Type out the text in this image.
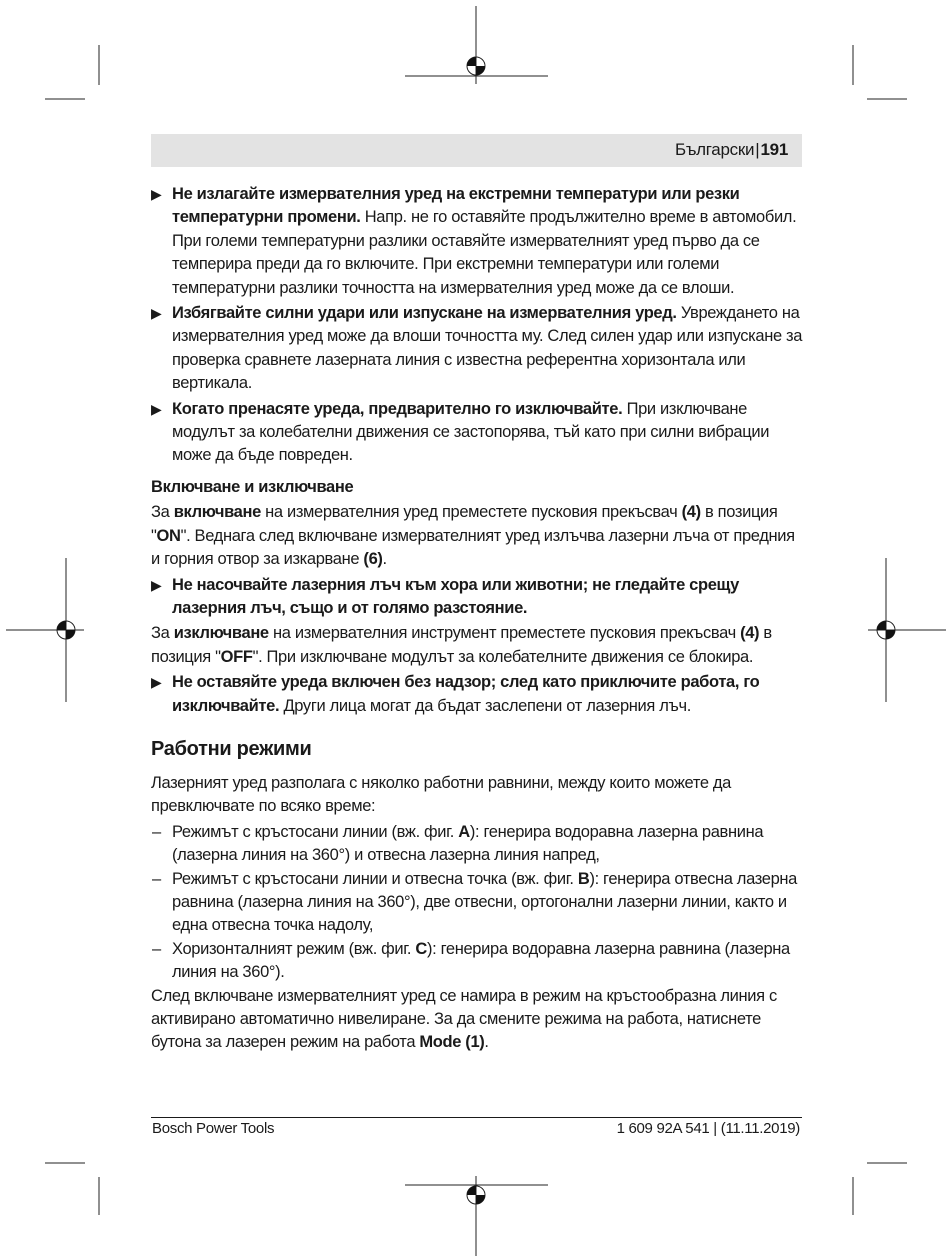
Български | 191
▶ Не излагайте измервателния уред на екстремни температури или резки температурни промени. Напр. не го оставяйте продължително време в автомобил. При големи температурни разлики оставяйте измервателният уред първо да се темперира преди да го включите. При екстремни температури или големи температурни разлики точността на измервателния уред може да се влоши.
▶ Избягвайте силни удари или изпускане на измервателния уред. Увреждането на измервателния уред може да влоши точността му. След силен удар или изпускане за проверка сравнете лазерната линия с известна референтна хоризонтала или вертикала.
▶ Когато пренасяте уреда, предварително го изключвайте. При изключване модулът за колебателни движения се застопорява, тъй като при силни вибрации може да бъде повреден.
Включване и изключване
За включване на измервателния уред преместете пусковия прекъсвач (4) в позиция "ON". Веднага след включване измервателният уред излъчва лазерни лъча от предния и горния отвор за изкарване (6).
▶ Не насочвайте лазерния лъч към хора или животни; не гледайте срещу лазерния лъч, също и от голямо разстояние.
За изключване на измервателния инструмент преместете пусковия прекъсвач (4) в позиция "OFF". При изключване модулът за колебателните движения се блокира.
▶ Не оставяйте уреда включен без надзор; след като приключите работа, го изключвайте. Други лица могат да бъдат заслепени от лазерния лъч.
Работни режими
Лазерният уред разполага с няколко работни равнини, между които можете да превключвате по всяко време:
– Режимът с кръстосани линии (вж. фиг. A): генерира водоравна лазерна равнина (лазерна линия на 360°) и отвесна лазерна линия напред,
– Режимът с кръстосани линии и отвесна точка (вж. фиг. B): генерира отвесна лазерна равнина (лазерна линия на 360°), две отвесни, ортогонални лазерни линии, както и една отвесна точка надолу,
– Хоризонталният режим (вж. фиг. C): генерира водоравна лазерна равнина (лазерна линия на 360°).
След включване измервателният уред се намира в режим на кръстообразна линия с активирано автоматично нивелиране. За да смените режима на работа, натиснете бутона за лазерен режим на работа Mode (1).
Bosch Power Tools	1 609 92A 541 | (11.11.2019)
